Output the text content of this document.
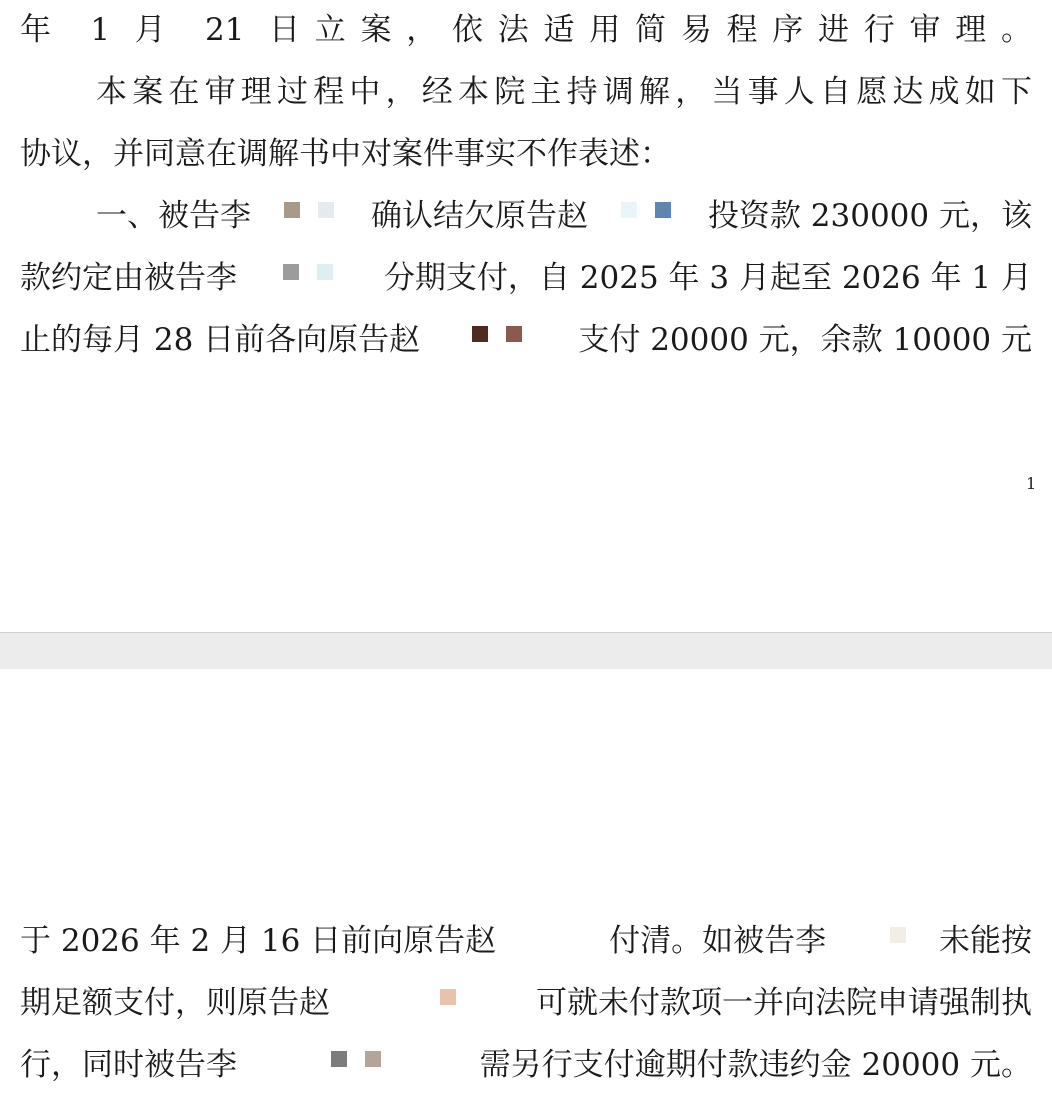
年 1 月 21 日立案，依法适用简易程序进行审理。
本案在审理过程中，经本院主持调解，当事人自愿达成如下
协议，并同意在调解书中对案件事实不作表述：
一、被告李	确认结欠原告赵	投资款 230000 元，该
款约定由被告李	分期支付，自 2025 年 3 月起至 2026 年 1 月
止的每月 28 日前各向原告赵	支付 20000 元，余款 10000 元
1
于 2026 年 2 月 16 日前向原告赵	付清。如被告李	未能按
期足额支付，则原告赵	可就未付款项一并向法院申请强制执
行，同时被告李	需另行支付逾期付款违约金 20000 元。
